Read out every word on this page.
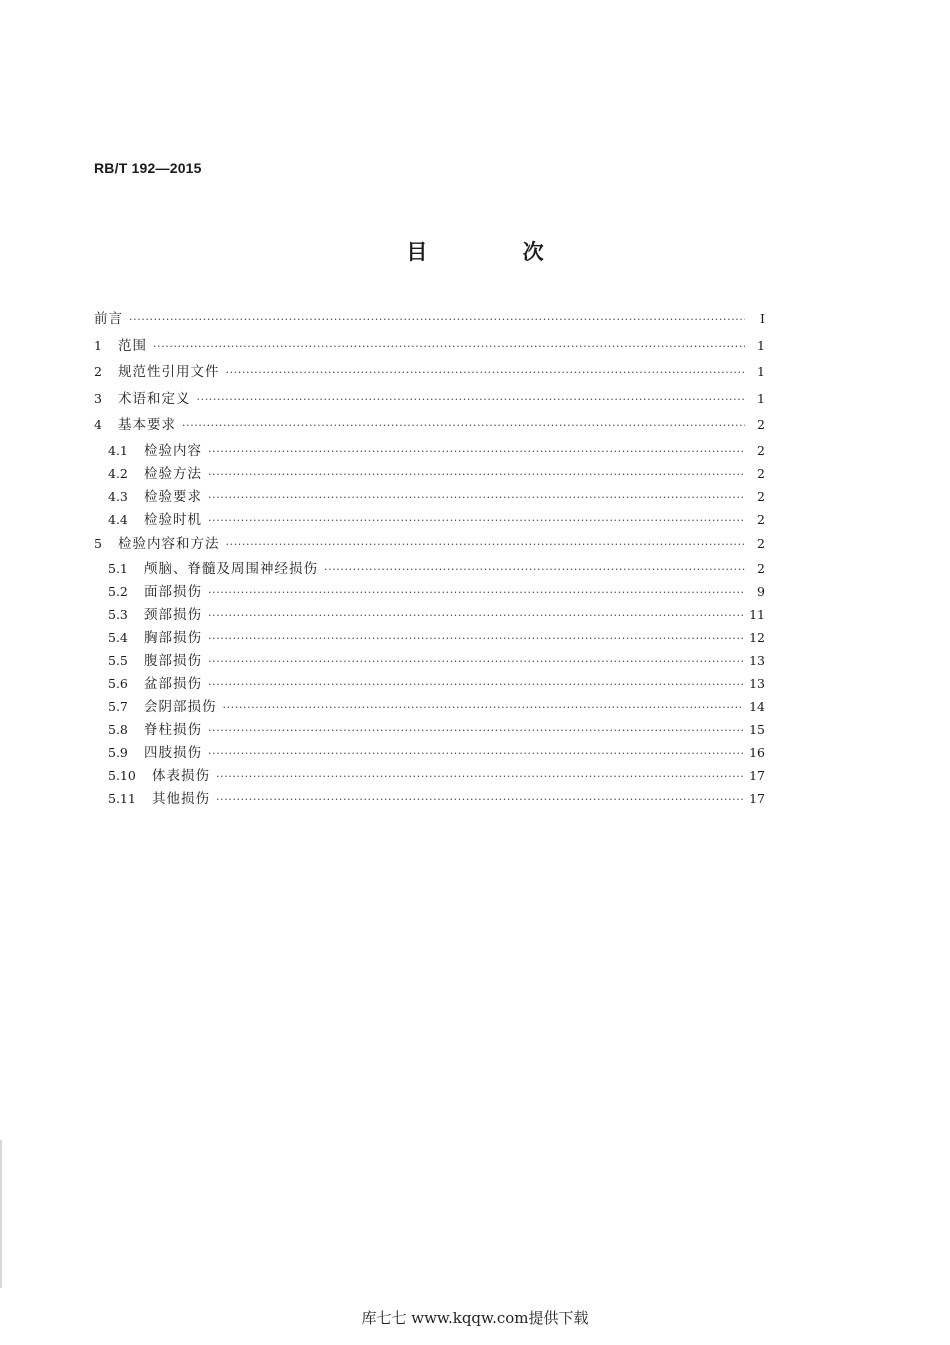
RB/T 192—2015
目 次
前言 ·····	I
1	范围 ·····	1
2	规范性引用文件 ·····	1
3	术语和定义 ·····	1
4	基本要求 ·····	2
4.1	检验内容 ·····	2
4.2	检验方法 ·····	2
4.3	检验要求 ·····	2
4.4	检验时机 ·····	2
5	检验内容和方法 ·····	2
5.1	颅脑、脊髓及周围神经损伤 ·····	2
5.2	面部损伤 ·····	9
5.3	颈部损伤 ·····	11
5.4	胸部损伤 ·····	12
5.5	腹部损伤 ·····	13
5.6	盆部损伤 ·····	13
5.7	会阴部损伤 ·····	14
5.8	脊柱损伤 ·····	15
5.9	四肢损伤 ·····	16
5.10	体表损伤 ·····	17
5.11	其他损伤 ·····	17
库七七 www.kqqw.com提供下载
